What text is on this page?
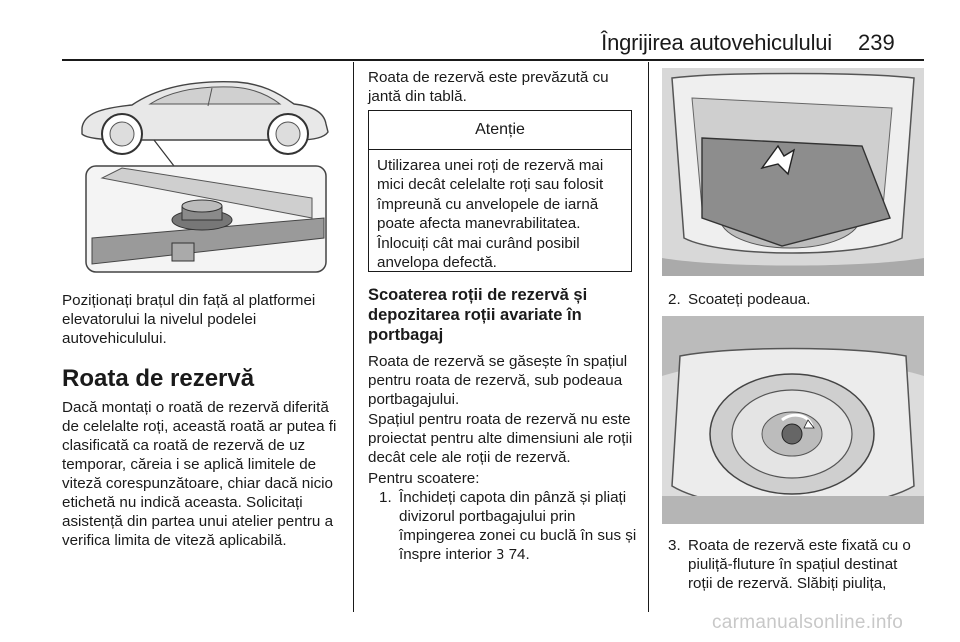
Îngrijirea autovehiculului 239
Poziționați brațul din față al platformei elevatorului la nivelul podelei autovehiculului.
Roata de rezervă
Dacă montați o roată de rezervă diferită de celelalte roți, această roată ar putea fi clasificată ca roată de rezervă de uz temporar, căreia i se aplică limitele de viteză corespunzătoare, chiar dacă nicio etichetă nu indică aceasta. Solicitați asistență din partea unui atelier pentru a verifica limita de viteză aplicabilă.
Roata de rezervă este prevăzută cu jantă din tablă.
Atenție
Utilizarea unei roți de rezervă mai mici decât celelalte roți sau folosit împreună cu anvelopele de iarnă poate afecta manevrabilitatea. Înlocuiți cât mai curând posibil anvelopa defectă.
Scoaterea roții de rezervă și depozitarea roții avariate în portbagaj
Roata de rezervă se găsește în spațiul pentru roata de rezervă, sub podeaua portbagajului.
Spațiul pentru roata de rezervă nu este proiectat pentru alte dimensiuni ale roții decât cele ale roții de rezervă.
Pentru scoatere:
1. Închideți capota din pânză și pliați divizorul portbagajului prin împingerea zonei cu buclă în sus și înspre interior 3 74.
2. Scoateți podeaua.
3. Roata de rezervă este fixată cu o piuliță-fluture în spațiul destinat roții de rezervă. Slăbiți piulița,
carmanualsonline.info
